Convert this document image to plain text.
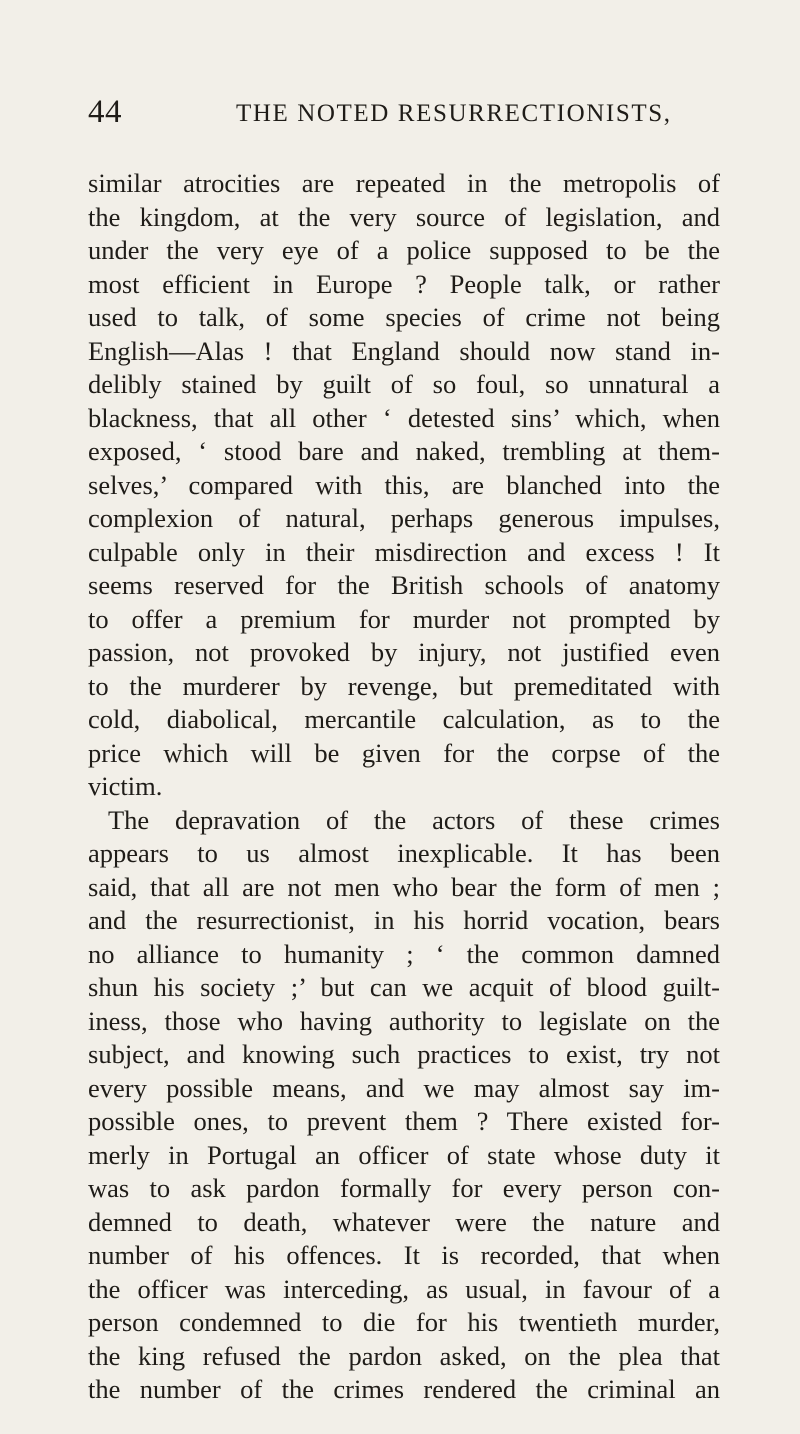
44	THE NOTED RESURRECTIONISTS,
similar atrocities are repeated in the metropolis of
the kingdom, at the very source of legislation, and
under the very eye of a police supposed to be the
most efficient in Europe ? People talk, or rather
used to talk, of some species of crime not being
English—Alas ! that England should now stand in-
delibly stained by guilt of so foul, so unnatural a
blackness, that all other ‘ detested sins’ which, when
exposed, ‘ stood bare and naked, trembling at them-
selves,’ compared with this, are blanched into the
complexion of natural, perhaps generous impulses,
culpable only in their misdirection and excess ! It
seems reserved for the British schools of anatomy
to offer a premium for murder not prompted by
passion, not provoked by injury, not justified even
to the murderer by revenge, but premeditated with
cold, diabolical, mercantile calculation, as to the
price which will be given for the corpse of the
victim.
The depravation of the actors of these crimes
appears to us almost inexplicable. It has been
said, that all are not men who bear the form of men ;
and the resurrectionist, in his horrid vocation, bears
no alliance to humanity ; ‘ the common damned
shun his society ;’ but can we acquit of blood guilt-
iness, those who having authority to legislate on the
subject, and knowing such practices to exist, try not
every possible means, and we may almost say im-
possible ones, to prevent them ? There existed for-
merly in Portugal an officer of state whose duty it
was to ask pardon formally for every person con-
demned to death, whatever were the nature and
number of his offences. It is recorded, that when
the officer was interceding, as usual, in favour of a
person condemned to die for his twentieth murder,
the king refused the pardon asked, on the plea that
the number of the crimes rendered the criminal an
